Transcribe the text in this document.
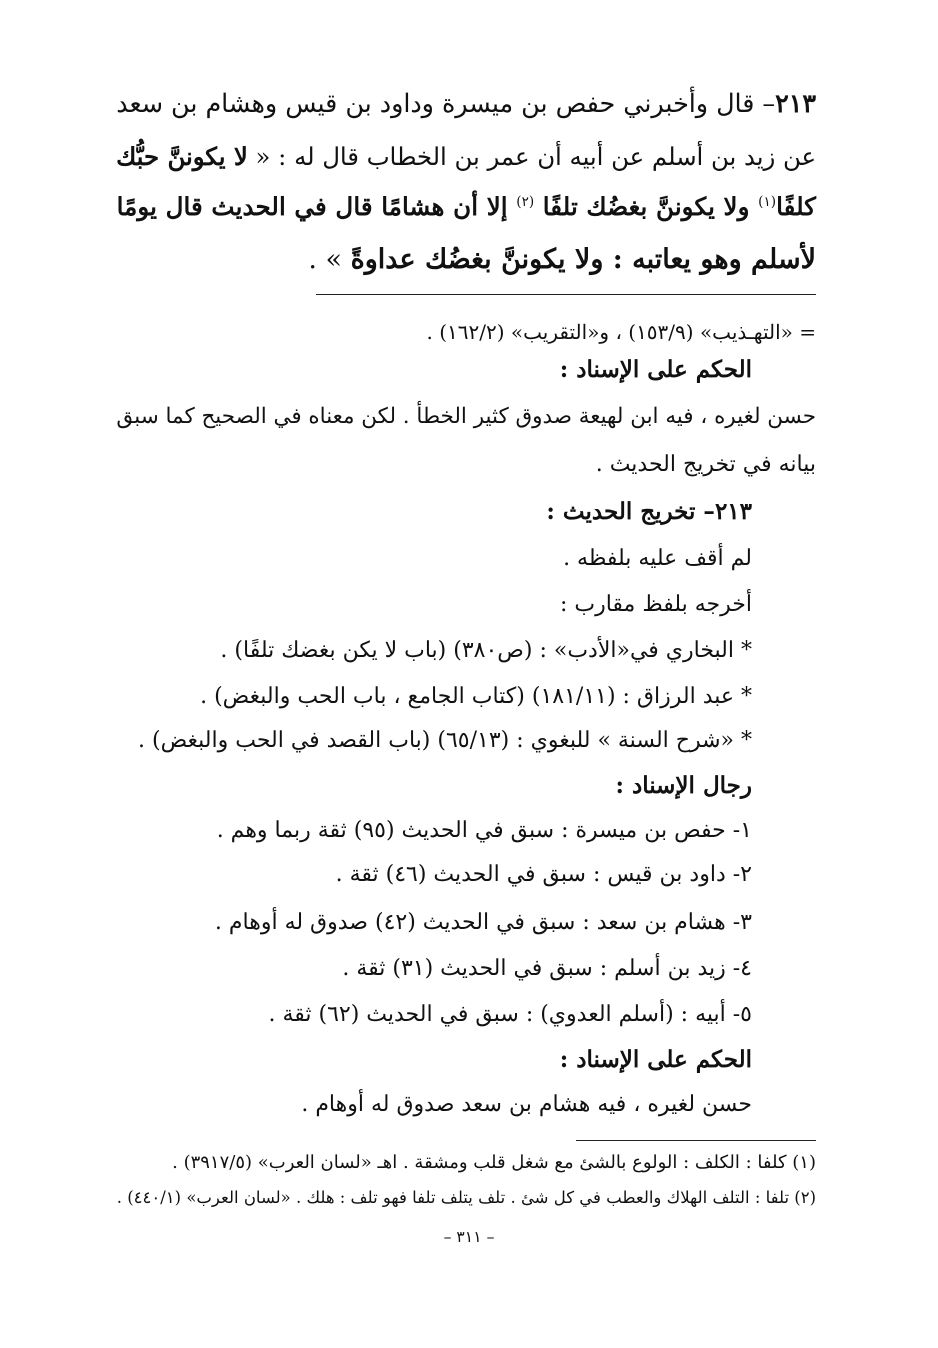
٢١٣– قال وأخبرني حفص بن ميسرة وداود بن قيس وهشام بن سعد
عن زيد بن أسلم عن أبيه أن عمر بن الخطاب قال له : « لا يكوننَّ حبُّك
كلفًا$^{(١)}$ ولا يكوننَّ بغضُك تلفًا $^{(٢)}$ إلا أن هشامًا قال في الحديث قال يومًا
لأسلم وهو يعاتبه : ولا يكوننَّ بغضُك عداوةً » .
= «التهـذيب» (١٥٣/٩) ، و«التقريب» (١٦٢/٢) .
الحكم على الإسناد :
حسن لغيره ، فيه ابن لهيعة صدوق كثير الخطأ . لكن معناه في الصحيح كما سبق
بيانه في تخريج الحديث .
٢١٣– تخريج الحديث :
لم أقف عليه بلفظه .
أخرجه بلفظ مقارب :
* البخاري في«الأدب» : (ص٣٨٠) (باب لا يكن بغضك تلفًا) .
* عبد الرزاق : (١٨١/١١) (كتاب الجامع ، باب الحب والبغض) .
* «شرح السنة » للبغوي : (٦٥/١٣) (باب القصد في الحب والبغض) .
رجال الإسناد :
١- حفص بن ميسرة : سبق في الحديث (٩٥) ثقة ربما وهم .
٢- داود بن قيس : سبق في الحديث (٤٦) ثقة .
٣- هشام بن سعد : سبق في الحديث (٤٢) صدوق له أوهام .
٤- زيد بن أسلم : سبق في الحديث (٣١) ثقة .
٥- أبيه : (أسلم العدوي) : سبق في الحديث (٦٢) ثقة .
الحكم على الإسناد :
حسن لغيره ، فيه هشام بن سعد صدوق له أوهام .
(١) كلفا : الكلف : الولوع بالشئ مع شغل قلب ومشقة . اهـ «لسان العرب» (٣٩١٧/٥) .
(٢) تلفا : التلف الهلاك والعطب في كل شئ . تلف يتلف تلفا فهو تلف : هلك . «لسان العرب» (٤٤٠/١) .
– ٣١١ –
